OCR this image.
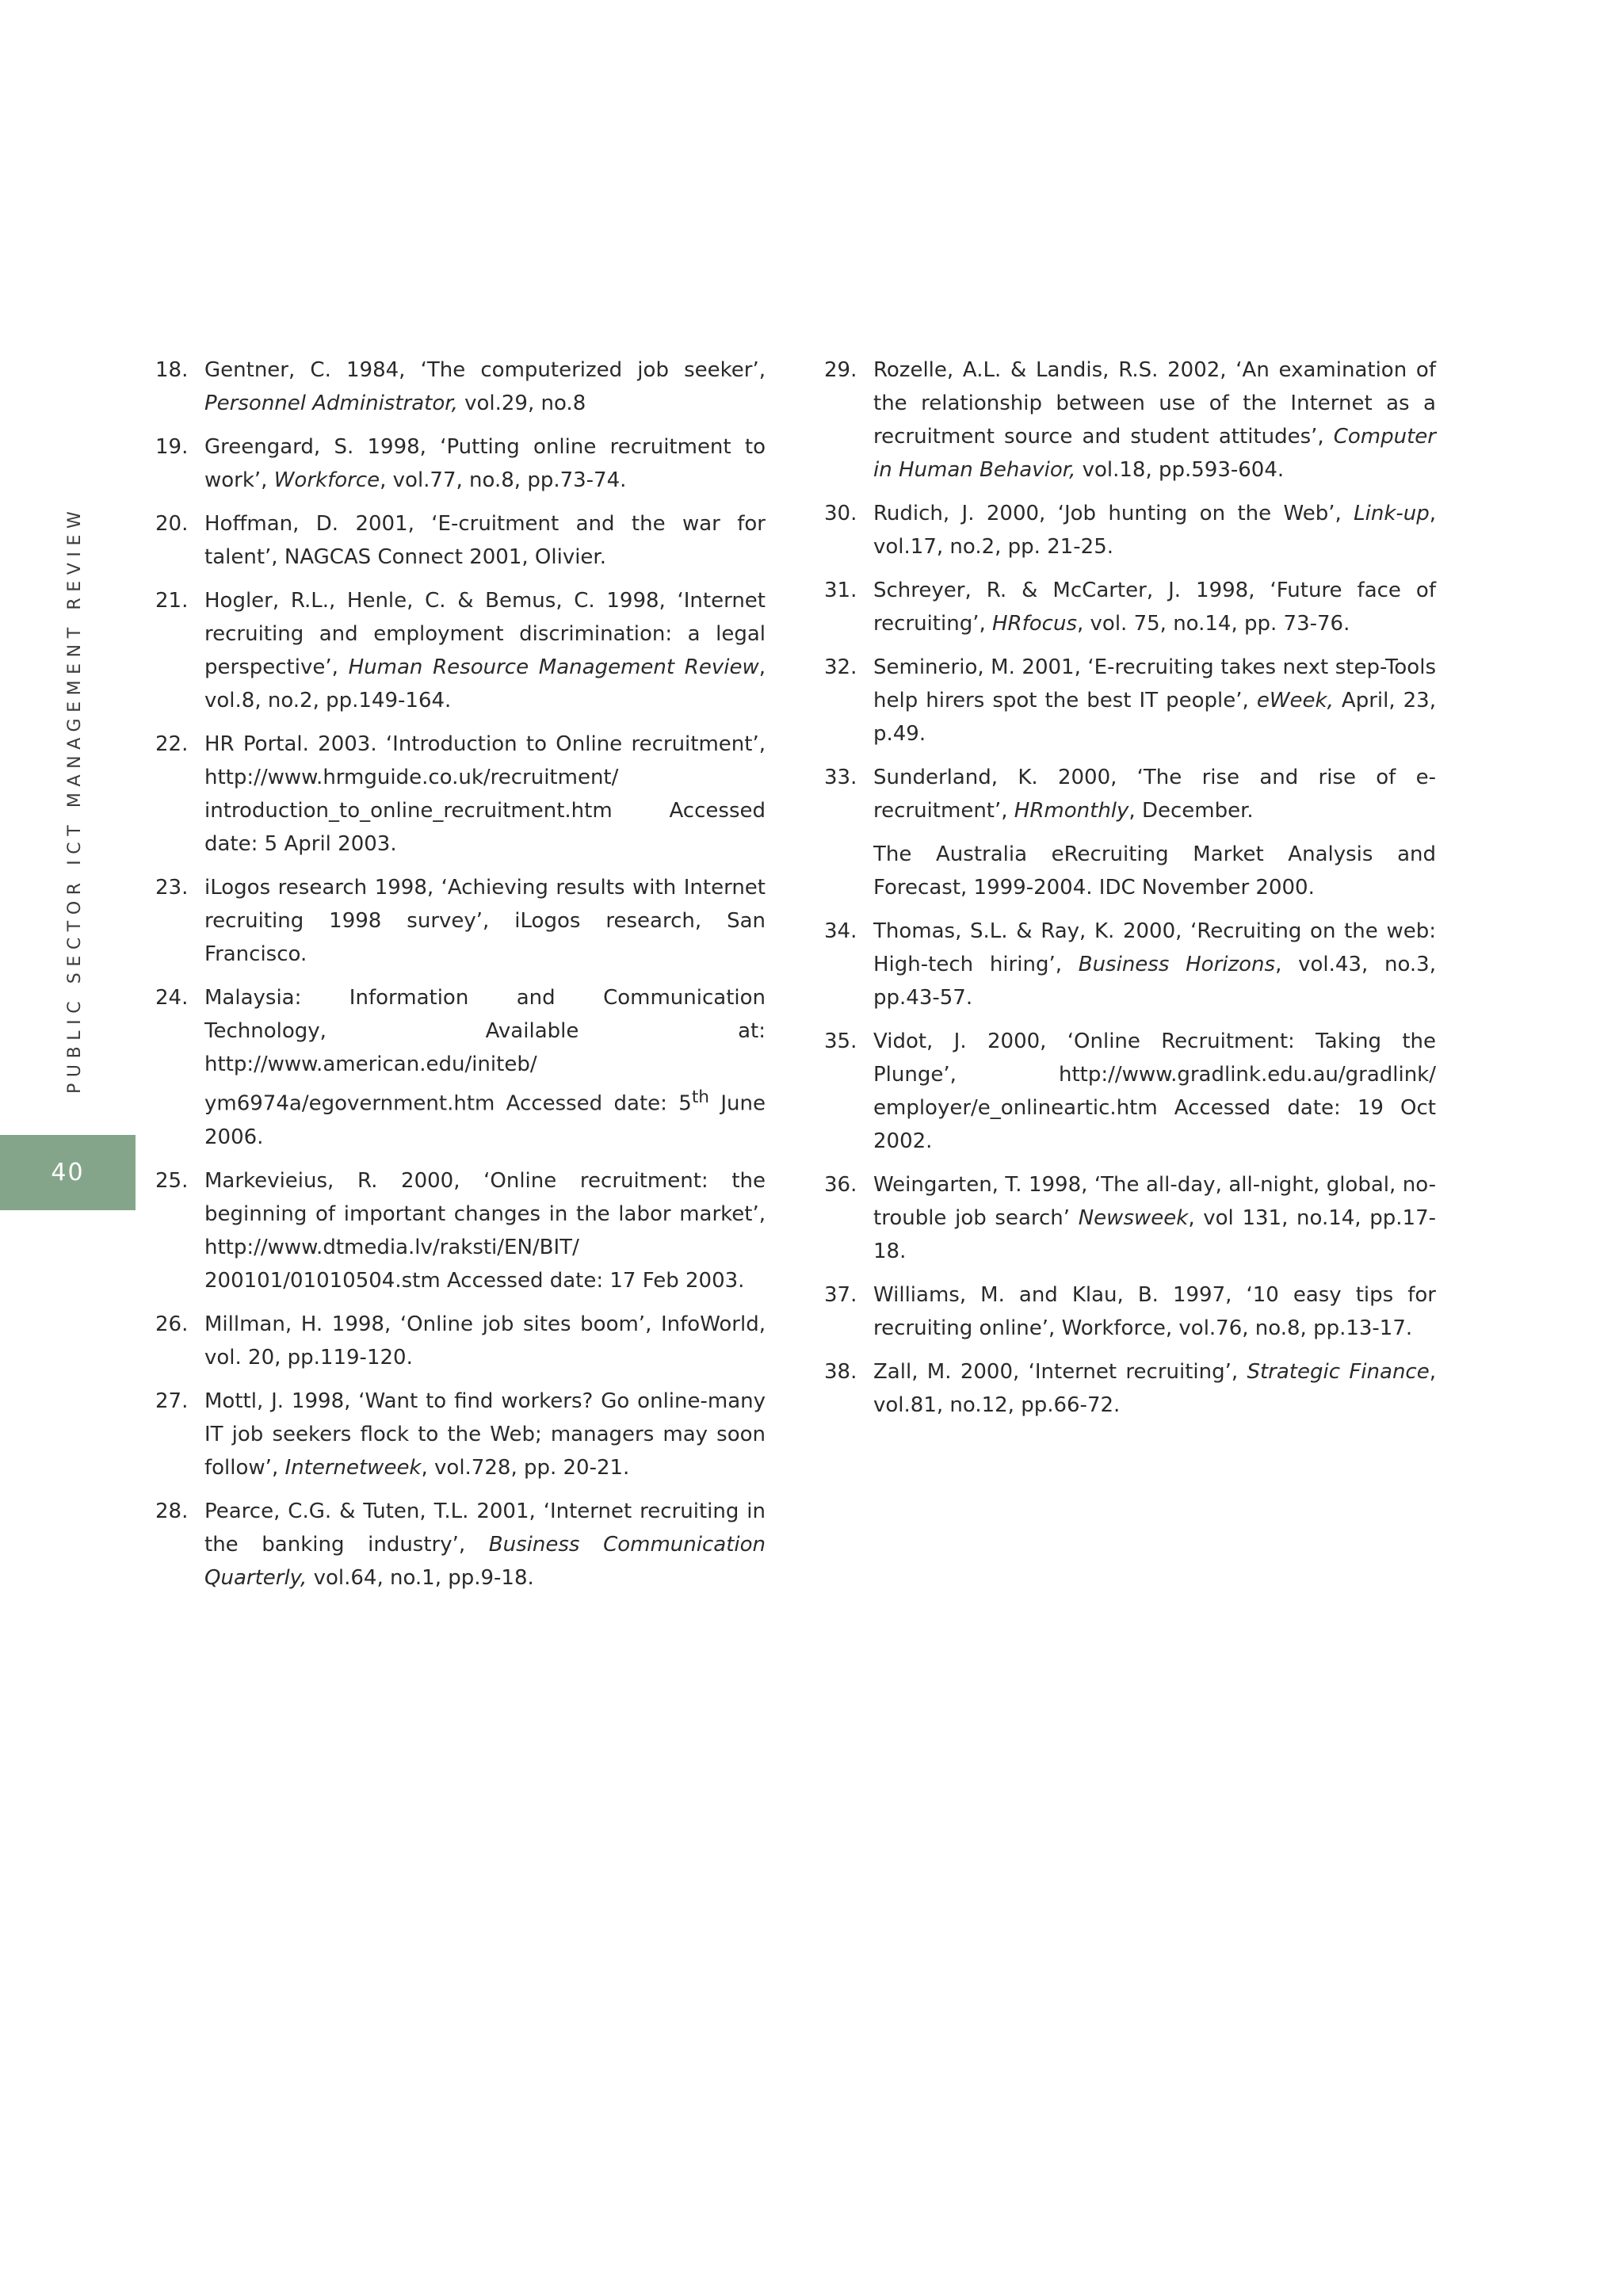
PUBLIC SECTOR ICT MANAGEMENT REVIEW
40
18. Gentner, C. 1984, ‘The computerized job seeker’, Personnel Administrator, vol.29, no.8
19. Greengard, S. 1998, ‘Putting online recruitment to work’, Workforce, vol.77, no.8, pp.73-74.
20. Hoffman, D. 2001, ‘E-cruitment and the war for talent’, NAGCAS Connect 2001, Olivier.
21. Hogler, R.L., Henle, C. & Bemus, C. 1998, ‘Internet recruiting and employment discrimination: a legal perspective’, Human Resource Management Review, vol.8, no.2, pp.149-164.
22. HR Portal. 2003. ‘Introduction to Online recruitment’, http://www.hrmguide.co.uk/recruitment/ introduction_to_online_recruitment.htm Accessed date: 5 April 2003.
23. iLogos research 1998, ‘Achieving results with Internet recruiting 1998 survey’, iLogos research, San Francisco.
24. Malaysia: Information and Communication Technology, Available at: http://www.american.edu/initeb/ ym6974a/egovernment.htm Accessed date: 5th June 2006.
25. Markevieius, R. 2000, ‘Online recruitment: the beginning of important changes in the labor market’, http://www.dtmedia.lv/raksti/EN/BIT/ 200101/01010504.stm Accessed date: 17 Feb 2003.
26. Millman, H. 1998, ‘Online job sites boom’, InfoWorld, vol. 20, pp.119-120.
27. Mottl, J. 1998, ‘Want to find workers? Go online-many IT job seekers flock to the Web; managers may soon follow’, Internetweek, vol.728, pp. 20-21.
28. Pearce, C.G. & Tuten, T.L. 2001, ‘Internet recruiting in the banking industry’, Business Communication Quarterly, vol.64, no.1, pp.9-18.
29. Rozelle, A.L. & Landis, R.S. 2002, ‘An examination of the relationship between use of the Internet as a recruitment source and student attitudes’, Computer in Human Behavior, vol.18, pp.593-604.
30. Rudich, J. 2000, ‘Job hunting on the Web’, Link-up, vol.17, no.2, pp. 21-25.
31. Schreyer, R. & McCarter, J. 1998, ‘Future face of recruiting’, HRfocus, vol. 75, no.14, pp. 73-76.
32. Seminerio, M. 2001, ‘E-recruiting takes next step-Tools help hirers spot the best IT people’, eWeek, April, 23, p.49.
33. Sunderland, K. 2000, ‘The rise and rise of e-recruitment’, HRmonthly, December.
The Australia eRecruiting Market Analysis and Forecast, 1999-2004. IDC November 2000.
34. Thomas, S.L. & Ray, K. 2000, ‘Recruiting on the web: High-tech hiring’, Business Horizons, vol.43, no.3, pp.43-57.
35. Vidot, J. 2000, ‘Online Recruitment: Taking the Plunge’, http://www.gradlink.edu.au/gradlink/ employer/e_onlineartic.htm Accessed date: 19 Oct 2002.
36. Weingarten, T. 1998, ‘The all-day, all-night, global, no-trouble job search’ Newsweek, vol 131, no.14, pp.17-18.
37. Williams, M. and Klau, B. 1997, ‘10 easy tips for recruiting online’, Workforce, vol.76, no.8, pp.13-17.
38. Zall, M. 2000, ‘Internet recruiting’, Strategic Finance, vol.81, no.12, pp.66-72.
